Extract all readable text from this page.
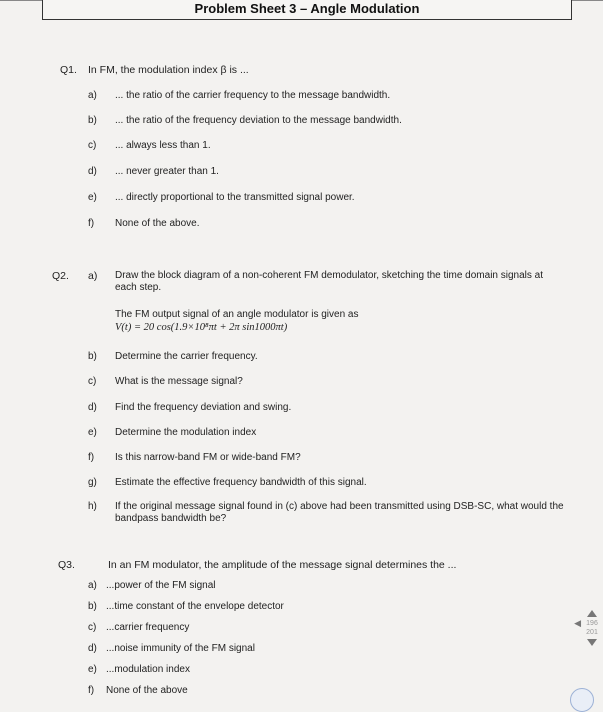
Problem Sheet 3 – Angle Modulation
Q1. In FM, the modulation index β is ...
a) ... the ratio of the carrier frequency to the message bandwidth.
b) ... the ratio of the frequency deviation to the message bandwidth.
c) ... always less than 1.
d) ... never greater than 1.
e) ... directly proportional to the transmitted signal power.
f) None of the above.
Q2. a) Draw the block diagram of a non-coherent FM demodulator, sketching the time domain signals at each step.
The FM output signal of an angle modulator is given as
V(t) = 20 cos(1.9×10⁸πt + 2π sin1000πt)
b) Determine the carrier frequency.
c) What is the message signal?
d) Find the frequency deviation and swing.
e) Determine the modulation index
f) Is this narrow-band FM or wide-band FM?
g) Estimate the effective frequency bandwidth of this signal.
h) If the original message signal found in (c) above had been transmitted using DSB-SC, what would the bandpass bandwidth be?
Q3.	In an FM modulator, the amplitude of the message signal determines the ...
a) ...power of the FM signal
b) ...time constant of the envelope detector
c) ...carrier frequency
d) ...noise immunity of the FM signal
e) ...modulation index
f) None of the above
◀ 196
201
